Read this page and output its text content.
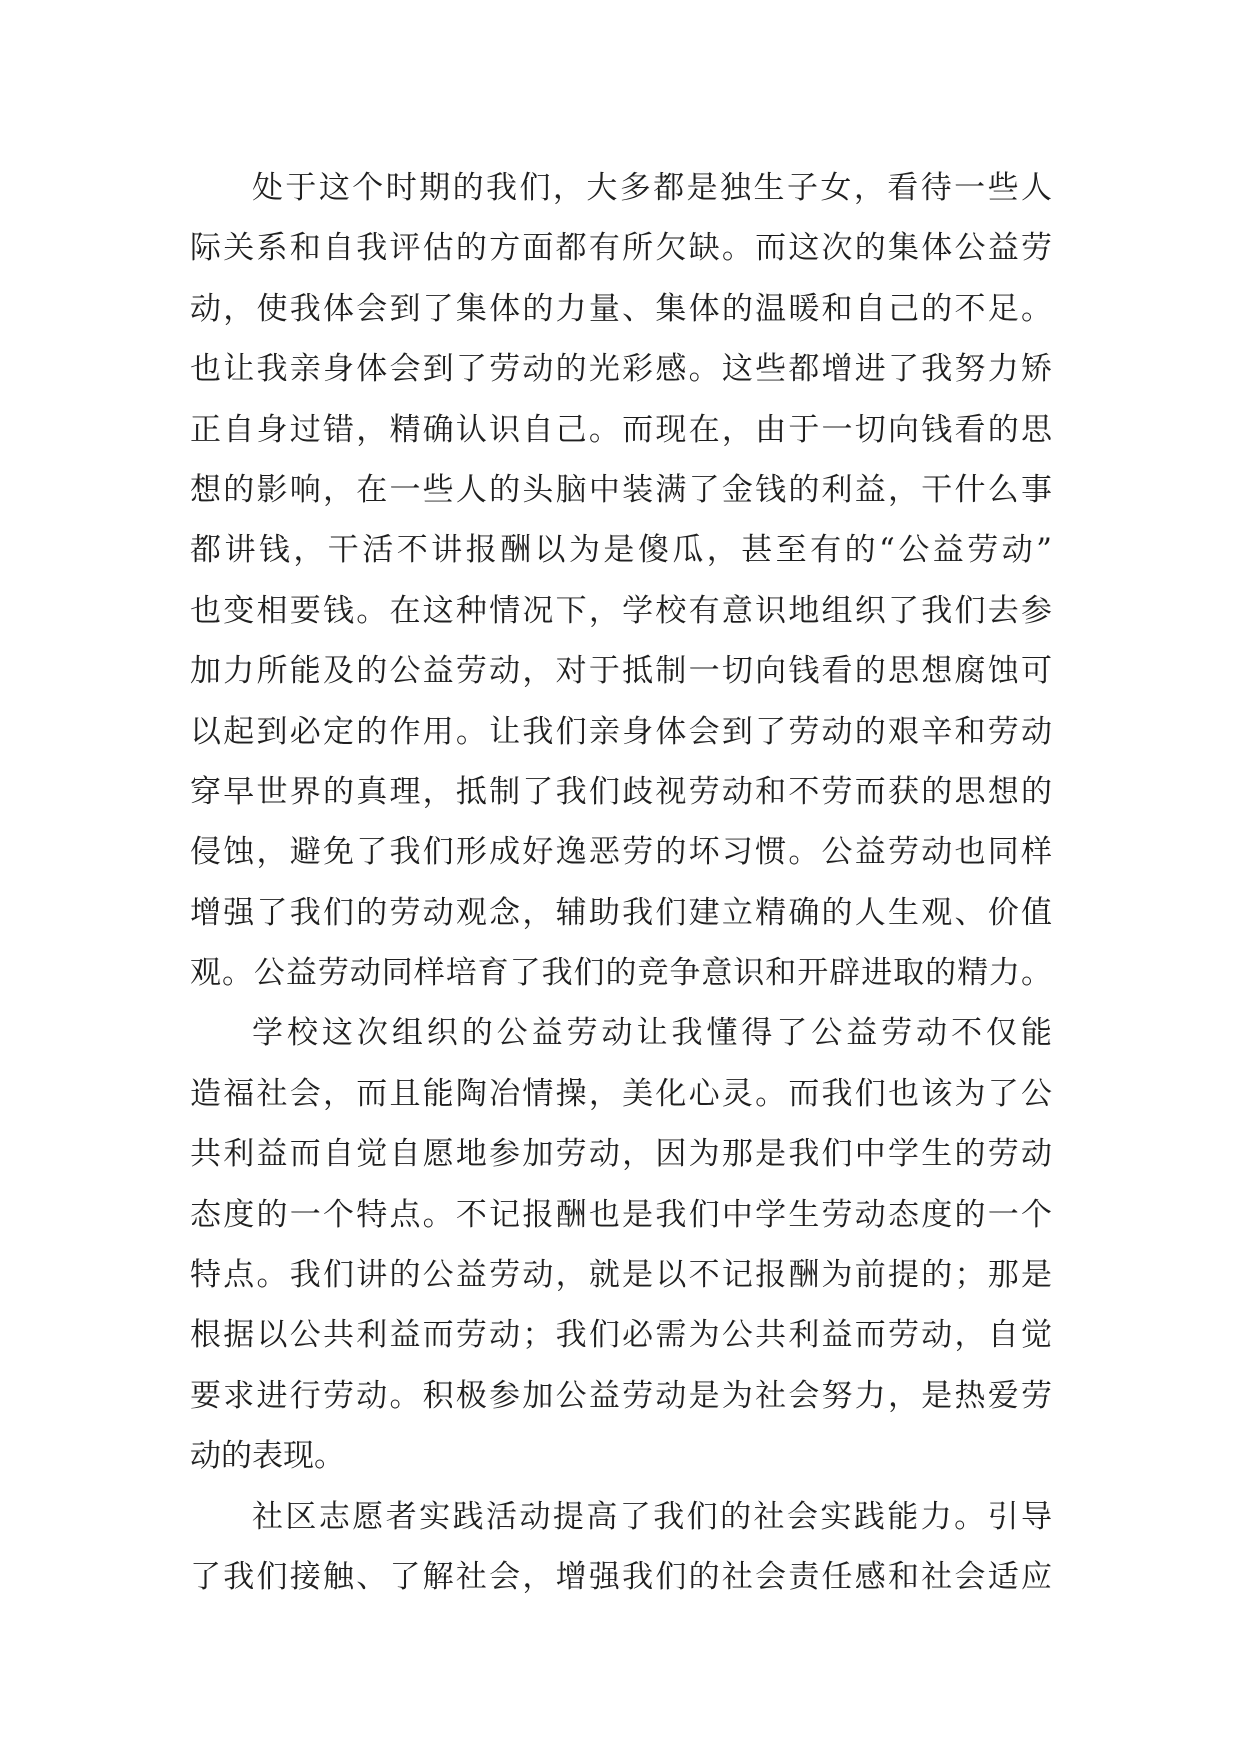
处于这个时期的我们，大多都是独生子女，看待一些人
际关系和自我评估的方面都有所欠缺。而这次的集体公益劳
动，使我体会到了集体的力量、集体的温暖和自己的不足。
也让我亲身体会到了劳动的光彩感。这些都增进了我努力矫
正自身过错，精确认识自己。而现在，由于一切向钱看的思
想的影响，在一些人的头脑中装满了金钱的利益，干什么事
都讲钱，干活不讲报酬以为是傻瓜，甚至有的“公益劳动”
也变相要钱。在这种情况下，学校有意识地组织了我们去参
加力所能及的公益劳动，对于抵制一切向钱看的思想腐蚀可
以起到必定的作用。让我们亲身体会到了劳动的艰辛和劳动
穿早世界的真理，抵制了我们歧视劳动和不劳而获的思想的
侵蚀，避免了我们形成好逸恶劳的坏习惯。公益劳动也同样
增强了我们的劳动观念，辅助我们建立精确的人生观、价值
观。公益劳动同样培育了我们的竞争意识和开辟进取的精力。
学校这次组织的公益劳动让我懂得了公益劳动不仅能
造福社会，而且能陶冶情操，美化心灵。而我们也该为了公
共利益而自觉自愿地参加劳动，因为那是我们中学生的劳动
态度的一个特点。不记报酬也是我们中学生劳动态度的一个
特点。我们讲的公益劳动，就是以不记报酬为前提的；那是
根据以公共利益而劳动；我们必需为公共利益而劳动，自觉
要求进行劳动。积极参加公益劳动是为社会努力，是热爱劳
动的表现。
社区志愿者实践活动提高了我们的社会实践能力。引导
了我们接触、了解社会，增强我们的社会责任感和社会适应
